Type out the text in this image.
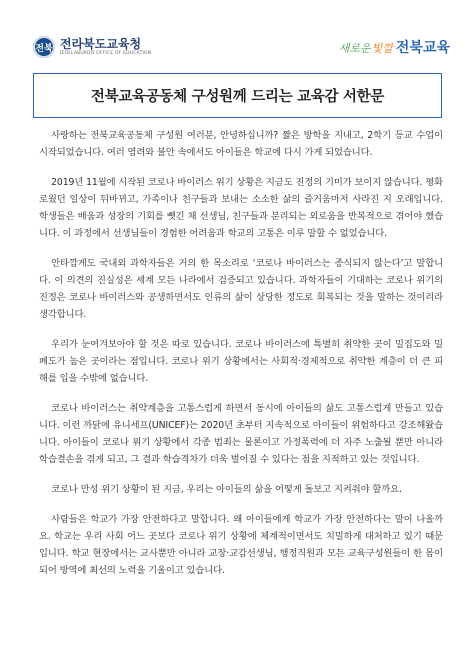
전북 전라북도교육청
JEOLLABUKDO OFFICE OF EDUCATION	새로운 빛깔 전북교육
전북교육공동체 구성원께 드리는 교육감 서한문

사랑하는 전북교육공동체 구성원 여러분, 안녕하십니까? 짧은 방학을 지내고, 2학기 등교 수업이 시작되었습니다. 여러 염려와 불안 속에서도 아이들은 학교에 다시 가게 되었습니다.

2019년 11월에 시작된 코로나 바이러스 위기 상황은 지금도 진정의 기미가 보이지 않습니다. 평화로웠던 일상이 뒤바뀌고, 가족이나 친구들과 보내는 소소한 삶의 즐거움마저 사라진 지 오래입니다. 학생들은 배움과 성장의 기회를 뺏긴 채 선생님, 친구들과 분리되는 외로움을 반복적으로 겪어야 했습니다. 이 과정에서 선생님들이 경험한 어려움과 학교의 고통은 이루 말할 수 없었습니다.

안타깝게도 국내외 과학자들은 거의 한 목소리로 ‘코로나 바이러스는 종식되지 않는다’고 말합니다. 이 의견의 진실성은 세계 모든 나라에서 검증되고 있습니다. 과학자들이 기대하는 코로나 위기의 진정은 코로나 바이러스와 공생하면서도 인류의 삶이 상당한 정도로 회복되는 것을 말하는 것이리라 생각합니다.

우리가 눈여겨보아야 할 것은 따로 있습니다. 코로나 바이러스에 특별히 취약한 곳이 밀집도와 밀폐도가 높은 곳이라는 점입니다. 코로나 위기 상황에서는 사회적·경제적으로 취약한 계층이 더 큰 피해를 입을 수밖에 없습니다.

코로나 바이러스는 취약계층을 고통스럽게 하면서 동시에 아이들의 삶도 고통스럽게 만들고 있습니다. 이런 까닭에 유니세프(UNICEF)는 2020년 초부터 지속적으로 아이들이 위험하다고 강조해왔습니다. 아이들이 코로나 위기 상황에서 각종 범죄는 물론이고 가정폭력에 더 자주 노출될 뿐만 아니라 학습결손을 겪게 되고, 그 결과 학습격차가 더욱 벌어질 수 있다는 점을 지적하고 있는 것입니다.

코로나 만성 위기 상황이 된 지금, 우리는 아이들의 삶을 어떻게 돌보고 지켜줘야 할까요.

사람들은 학교가 가장 안전하다고 말합니다. 왜 아이들에게 학교가 가장 안전하다는 말이 나올까요. 학교는 우리 사회 어느 곳보다 코로나 위기 상황에 체계적이면서도 치밀하게 대처하고 있기 때문입니다. 학교 현장에서는 교사뿐만 아니라 교장·교감선생님, 행정직원과 모든 교육구성원들이 한 몸이 되어 방역에 최선의 노력을 기울이고 있습니다.
